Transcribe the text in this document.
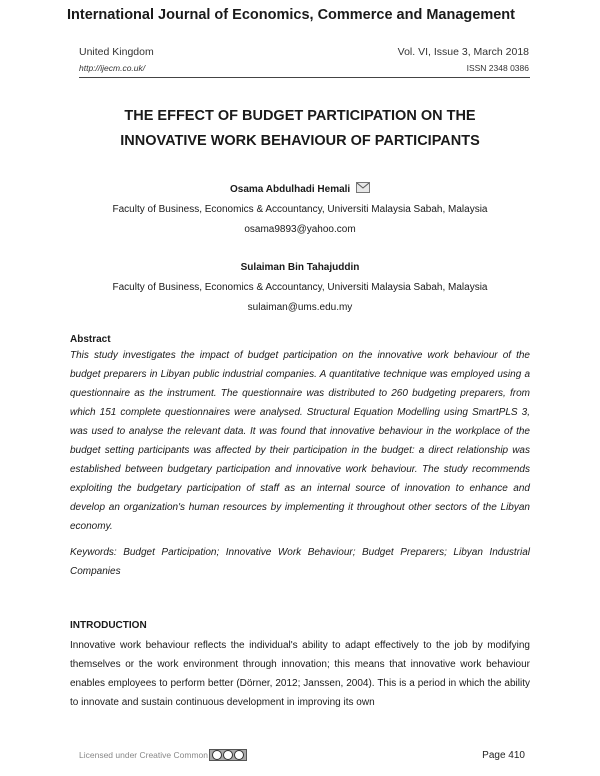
International Journal of Economics, Commerce and Management
United Kingdom	Vol. VI, Issue 3, March 2018
http://ijecm.co.uk/	ISSN 2348 0386
THE EFFECT OF BUDGET PARTICIPATION ON THE
INNOVATIVE WORK BEHAVIOUR OF PARTICIPANTS
Osama Abdulhadi Hemali
Faculty of Business, Economics & Accountancy, Universiti Malaysia Sabah, Malaysia
osama9893@yahoo.com
Sulaiman Bin Tahajuddin
Faculty of Business, Economics & Accountancy, Universiti Malaysia Sabah, Malaysia
sulaiman@ums.edu.my
Abstract
This study investigates the impact of budget participation on the innovative work behaviour of the budget preparers in Libyan public industrial companies. A quantitative technique was employed using a questionnaire as the instrument. The questionnaire was distributed to 260 budgeting preparers, from which 151 complete questionnaires were analysed. Structural Equation Modelling using SmartPLS 3, was used to analyse the relevant data. It was found that innovative behaviour in the workplace of the budget setting participants was affected by their participation in the budget: a direct relationship was established between budgetary participation and innovative work behaviour. The study recommends exploiting the budgetary participation of staff as an internal source of innovation to enhance and develop an organization's human resources by implementing it throughout other sectors of the Libyan economy.
Keywords: Budget Participation; Innovative Work Behaviour; Budget Preparers; Libyan Industrial Companies
INTRODUCTION
Innovative work behaviour reflects the individual's ability to adapt effectively to the job by modifying themselves or the work environment through innovation; this means that innovative work behaviour enables employees to perform better (Dörner, 2012; Janssen, 2004). This is a period in which the ability to innovate and sustain continuous development in improving its own
Licensed under Creative Common	Page 410
